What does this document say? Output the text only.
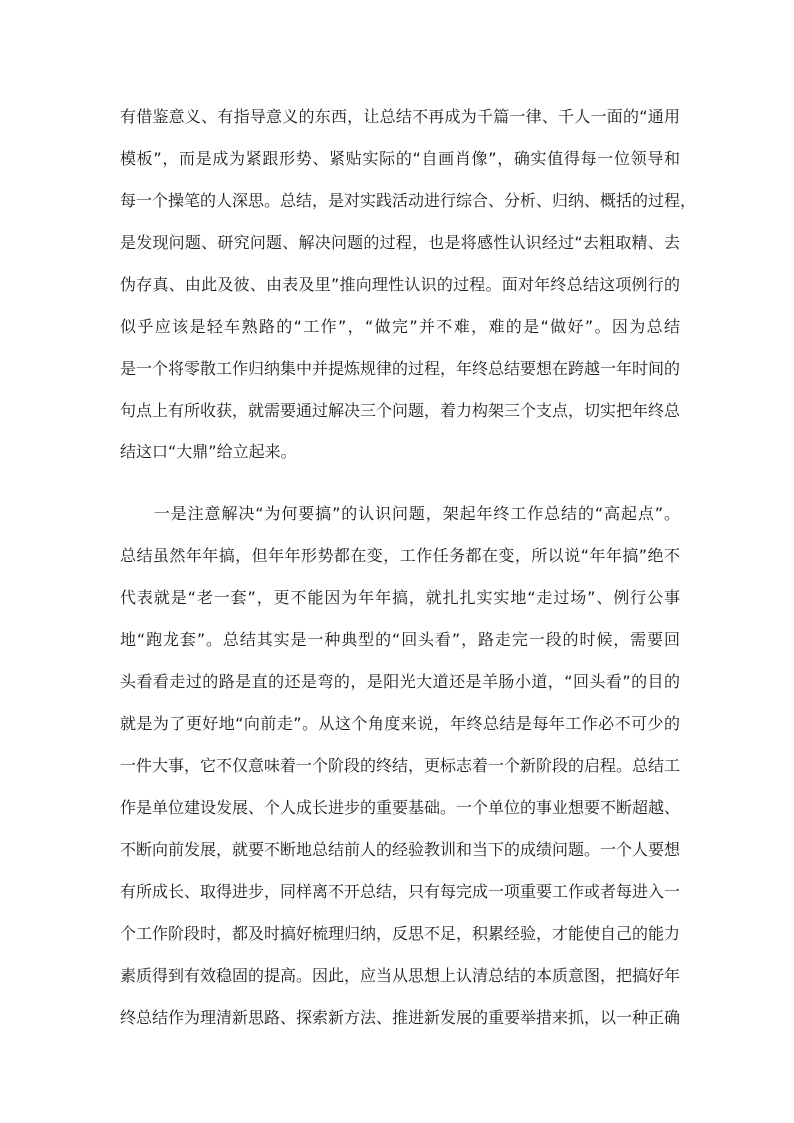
有借鉴意义、有指导意义的东西，让总结不再成为千篇一律、千人一面的“通用
模板”，而是成为紧跟形势、紧贴实际的“自画肖像”，确实值得每一位领导和
每一个操笔的人深思。总结，是对实践活动进行综合、分析、归纳、概括的过程，
是发现问题、研究问题、解决问题的过程，也是将感性认识经过“去粗取精、去
伪存真、由此及彼、由表及里”推向理性认识的过程。面对年终总结这项例行的
似乎应该是轻车熟路的“工作”，“做完”并不难，难的是“做好”。因为总结
是一个将零散工作归纳集中并提炼规律的过程，年终总结要想在跨越一年时间的
句点上有所收获，就需要通过解决三个问题，着力构架三个支点，切实把年终总
结这口“大鼎”给立起来。
　　一是注意解决“为何要搞”的认识问题，架起年终工作总结的“高起点”。
总结虽然年年搞，但年年形势都在变，工作任务都在变，所以说“年年搞”绝不
代表就是“老一套”，更不能因为年年搞，就扎扎实实地“走过场”、例行公事
地“跑龙套”。总结其实是一种典型的“回头看”，路走完一段的时候，需要回
头看看走过的路是直的还是弯的，是阳光大道还是羊肠小道，“回头看”的目的
就是为了更好地“向前走”。从这个角度来说，年终总结是每年工作必不可少的
一件大事，它不仅意味着一个阶段的终结，更标志着一个新阶段的启程。总结工
作是单位建设发展、个人成长进步的重要基础。一个单位的事业想要不断超越、
不断向前发展，就要不断地总结前人的经验教训和当下的成绩问题。一个人要想
有所成长、取得进步，同样离不开总结，只有每完成一项重要工作或者每进入一
个工作阶段时，都及时搞好梳理归纳，反思不足，积累经验，才能使自己的能力
素质得到有效稳固的提高。因此，应当从思想上认清总结的本质意图，把搞好年
终总结作为理清新思路、探索新方法、推进新发展的重要举措来抓，以一种正确
